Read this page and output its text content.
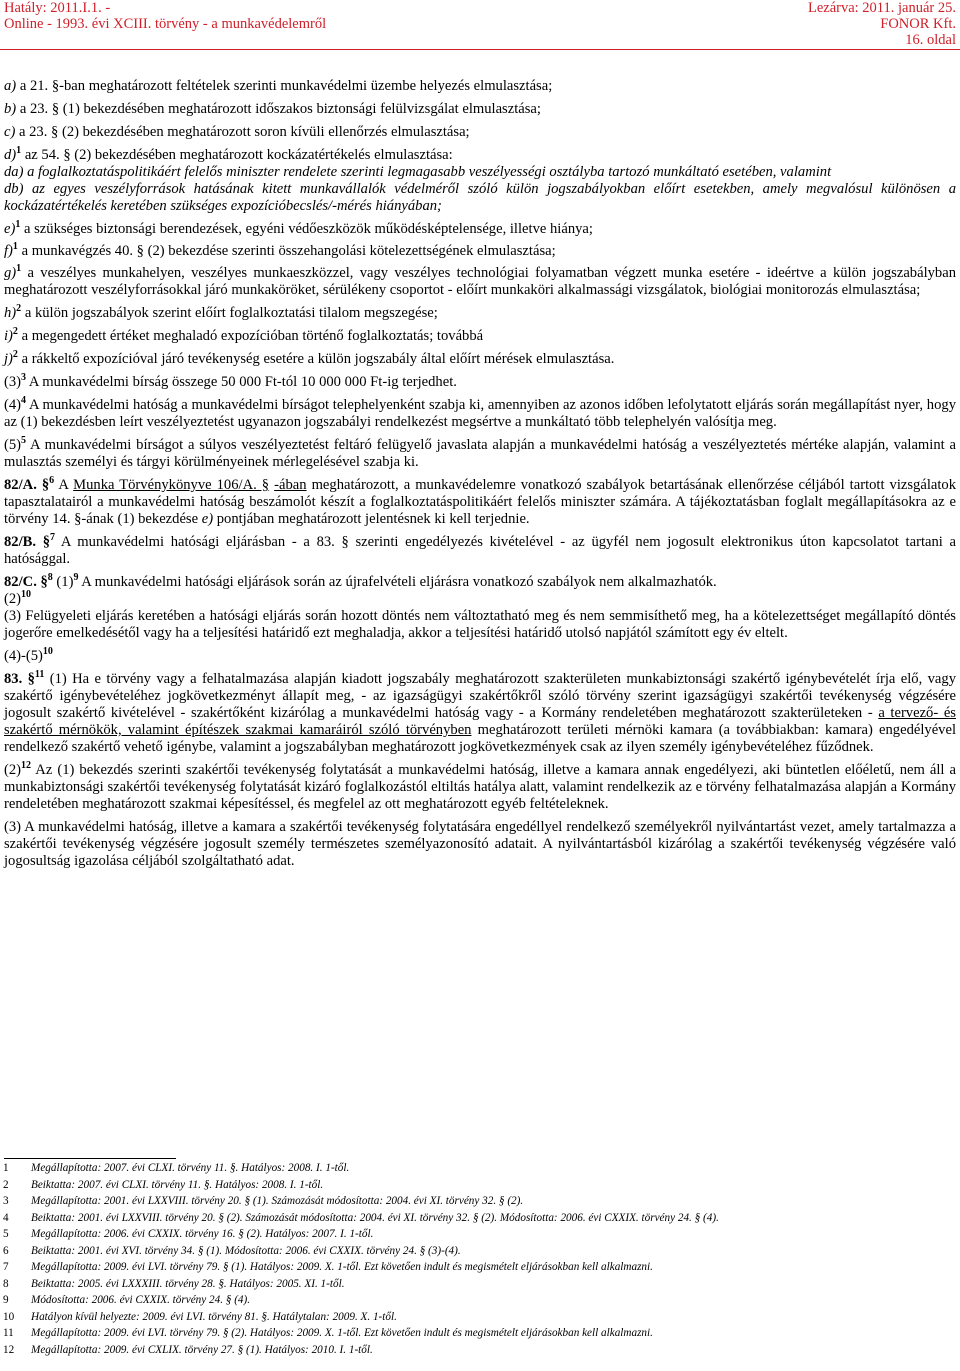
Hatály: 2011.I.1. -
Online - 1993. évi XCIII. törvény - a munkavédelemről
Lezárva: 2011. január 25.
FONOR Kft.
16. oldal

a) a 21. §-ban meghatározott feltételek szerinti munkavédelmi üzembe helyezés elmulasztása;

b) a 23. § (1) bekezdésében meghatározott időszakos biztonsági felülvizsgálat elmulasztása;

c) a 23. § (2) bekezdésében meghatározott soron kívüli ellenőrzés elmulasztása;

d)$^1$ az 54. § (2) bekezdésében meghatározott kockázatértékelés elmulasztása:

da) a foglalkoztatáspolitikáért felelős miniszter rendelete szerinti legmagasabb veszélyességi osztályba tartozó munkáltató esetében, valamint

db) az egyes veszélyforrások hatásának kitett munkavállalók védelméről szóló külön jogszabályokban előírt esetekben, amely megvalósul különösen a kockázatértékelés keretében szükséges expozícióbecslés/-mérés hiányában;

e)$^1$ a szükséges biztonsági berendezések, egyéni védőeszközök működésképtelensége, illetve hiánya;

f)$^1$ a munkavégzés 40. § (2) bekezdése szerinti összehangolási kötelezettségének elmulasztása;

g)$^1$ a veszélyes munkahelyen, veszélyes munkaeszközzel, vagy veszélyes technológiai folyamatban végzett munka esetére - ideértve a külön jogszabályban meghatározott veszélyforrásokkal járó munkaköröket, sérülékeny csoportot - előírt munkaköri alkalmassági vizsgálatok, biológiai monitorozás elmulasztása;

h)$^2$ a külön jogszabályok szerint előírt foglalkoztatási tilalom megszegése;

i)$^2$ a megengedett értéket meghaladó expozícióban történő foglalkoztatás; továbbá

j)$^2$ a rákkeltő expozícióval járó tevékenység esetére a külön jogszabály által előírt mérések elmulasztása.

$(3)^3$ A munkavédelmi bírság összege 50 000 Ft-tól 10 000 000 Ft-ig terjedhet.

$(4)^4$ A munkavédelmi hatóság a munkavédelmi bírságot telephelyenként szabja ki, amennyiben az azonos időben lefolytatott eljárás során megállapítást nyer, hogy az (1) bekezdésben leírt veszélyeztetést ugyanazon jogszabályi rendelkezést megsértve a munkáltató több telephelyén valósítja meg.

$(5)^5$ A munkavédelmi bírságot a súlyos veszélyeztetést feltáró felügyelő javaslata alapján a munkavédelmi hatóság a veszélyeztetés mértéke alapján, valamint a mulasztás személyi és tárgyi körülményeinek mérlegelésével szabja ki.

82/A. §$^6$ A Munka Törvénykönyve 106/A. § -ában meghatározott, a munkavédelemre vonatkozó szabályok betartásának ellenőrzése céljából tartott vizsgálatok tapasztalatairól a munkavédelmi hatóság beszámolót készít a foglalkoztatáspolitikáért felelős miniszter számára. A tájékoztatásban foglalt megállapításokra az e törvény 14. §-ának (1) bekezdése e) pontjában meghatározott jelentésnek ki kell terjednie.

82/B. §$^7$ A munkavédelmi hatósági eljárásban - a 83. § szerinti engedélyezés kivételével - az ügyfél nem jogosult elektronikus úton kapcsolatot tartani a hatósággal.

82/C. §$^8$ $(1)^9$ A munkavédelmi hatósági eljárások során az újrafelvételi eljárásra vonatkozó szabályok nem alkalmazhatók.

$(2)^{10}$

(3) Felügyeleti eljárás keretében a hatósági eljárás során hozott döntés nem változtatható meg és nem semmisíthető meg, ha a kötelezettséget megállapító döntés jogerőre emelkedésétől vagy ha a teljesítési határidő ezt meghaladja, akkor a teljesítési határidő utolsó napjától számított egy év eltelt.

$(4)-(5)^{10}$

83. §$^{11}$ (1) Ha e törvény vagy a felhatalmazása alapján kiadott jogszabály meghatározott szakterületen munkabiztonsági szakértő igénybevételét írja elő, vagy szakértő igénybevételéhez jogkövetkezményt állapít meg, - az igazságügyi szakértőkről szóló törvény szerint igazságügyi szakértői tevékenység végzésére jogosult szakértő kivételével - szakértőként kizárólag a munkavédelmi hatóság vagy - a Kormány rendeletében meghatározott szakterületeken - a tervező- és szakértő mérnökök, valamint építészek szakmai kamaráiról szóló törvényben meghatározott területi mérnöki kamara (a továbbiakban: kamara) engedélyével rendelkező szakértő vehető igénybe, valamint a jogszabályban meghatározott jogkövetkezmények csak az ilyen személy igénybevételéhez fűződnek.

$(2)^{12}$ Az (1) bekezdés szerinti szakértői tevékenység folytatását a munkavédelmi hatóság, illetve a kamara annak engedélyezi, aki büntetlen előéletű, nem áll a munkabiztonsági szakértői tevékenység folytatását kizáró foglalkozástól eltiltás hatálya alatt, valamint rendelkezik az e törvény felhatalmazása alapján a Kormány rendeletében meghatározott szakmai képesítéssel, és megfelel az ott meghatározott egyéb feltételeknek.

(3) A munkavédelmi hatóság, illetve a kamara a szakértői tevékenység folytatására engedéllyel rendelkező személyekről nyilvántartást vezet, amely tartalmazza a szakértői tevékenység végzésére jogosult személy természetes személyazonosító adatait. A nyilvántartásból kizárólag a szakértői tevékenység végzésére való jogosultság igazolása céljából szolgáltatható adat.

1	Megállapította: 2007. évi CLXI. törvény 11. §. Hatályos: 2008. I. 1-től.
2	Beiktatta: 2007. évi CLXI. törvény 11. §. Hatályos: 2008. I. 1-től.
3	Megállapította: 2001. évi LXXVIII. törvény 20. § (1). Számozását módosította: 2004. évi XI. törvény 32. § (2).
4	Beiktatta: 2001. évi LXXVIII. törvény 20. § (2). Számozását módosította: 2004. évi XI. törvény 32. § (2). Módosította: 2006. évi CXXIX. törvény 24. § (4).
5	Megállapította: 2006. évi CXXIX. törvény 16. § (2). Hatályos: 2007. I. 1-től.
6	Beiktatta: 2001. évi XVI. törvény 34. § (1). Módosította: 2006. évi CXXIX. törvény 24. § (3)-(4).
7	Megállapította: 2009. évi LVI. törvény 79. § (1). Hatályos: 2009. X. 1-től. Ezt követően indult és megismételt eljárásokban kell alkalmazni.
8	Beiktatta: 2005. évi LXXXIII. törvény 28. §. Hatályos: 2005. XI. 1-től.
9	Módosította: 2006. évi CXXIX. törvény 24. § (4).
10	Hatályon kívül helyezte: 2009. évi LVI. törvény 81. §. Hatálytalan: 2009. X. 1-től.
11	Megállapította: 2009. évi LVI. törvény 79. § (2). Hatályos: 2009. X. 1-től. Ezt követően indult és megismételt eljárásokban kell alkalmazni.
12	Megállapította: 2009. évi CXLIX. törvény 27. § (1). Hatályos: 2010. I. 1-től.
